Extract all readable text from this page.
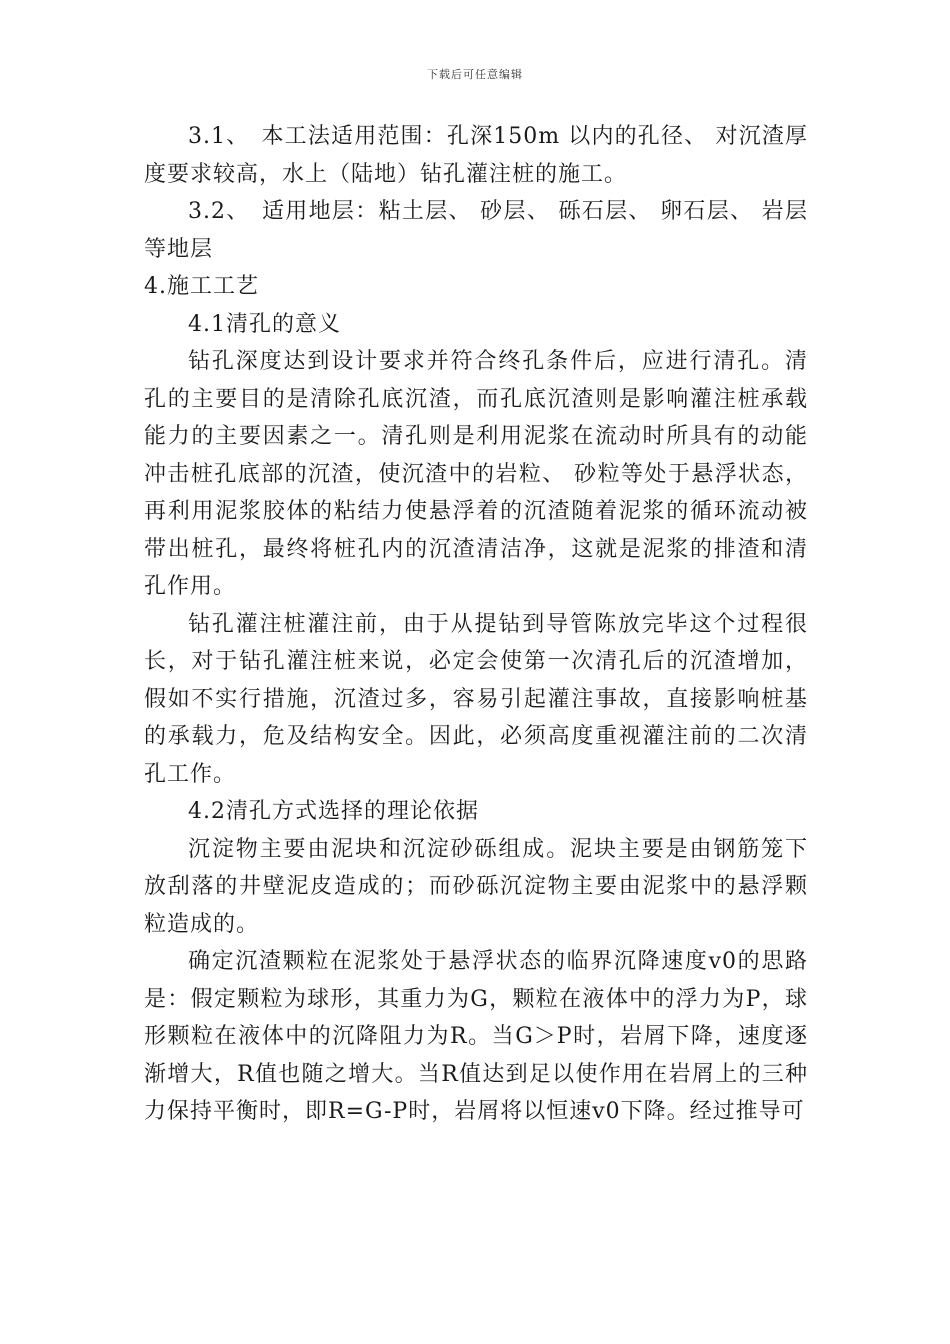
下载后可任意编辑

3.1、　本工法适用范围：孔深150m 以内的孔径、 对沉渣厚度要求较高，水上（陆地）钻孔灌注桩的施工。

3.2、　适用地层：粘土层、 砂层、 砾石层、 卵石层、 岩层等地层

4.施工工艺

4.1清孔的意义

钻孔深度达到设计要求并符合终孔条件后，应进行清孔。清孔的主要目的是清除孔底沉渣，而孔底沉渣则是影响灌注桩承载能力的主要因素之一。清孔则是利用泥浆在流动时所具有的动能冲击桩孔底部的沉渣，使沉渣中的岩粒、 砂粒等处于悬浮状态，再利用泥浆胶体的粘结力使悬浮着的沉渣随着泥浆的循环流动被带出桩孔，最终将桩孔内的沉渣清洁净，这就是泥浆的排渣和清孔作用。

钻孔灌注桩灌注前，由于从提钻到导管陈放完毕这个过程很长，对于钻孔灌注桩来说，必定会使第一次清孔后的沉渣增加，假如不实行措施，沉渣过多，容易引起灌注事故，直接影响桩基的承载力，危及结构安全。因此，必须高度重视灌注前的二次清孔工作。

4.2清孔方式选择的理论依据

沉淀物主要由泥块和沉淀砂砾组成。泥块主要是由钢筋笼下放刮落的井壁泥皮造成的；而砂砾沉淀物主要由泥浆中的悬浮颗粒造成的。

确定沉渣颗粒在泥浆处于悬浮状态的临界沉降速度v0的思路是：假定颗粒为球形，其重力为G，颗粒在液体中的浮力为P，球形颗粒在液体中的沉降阻力为R。当G＞P时，岩屑下降，速度逐渐增大，R值也随之增大。当R值达到足以使作用在岩屑上的三种力保持平衡时，即R=G-P时，岩屑将以恒速v0下降。经过推导可
